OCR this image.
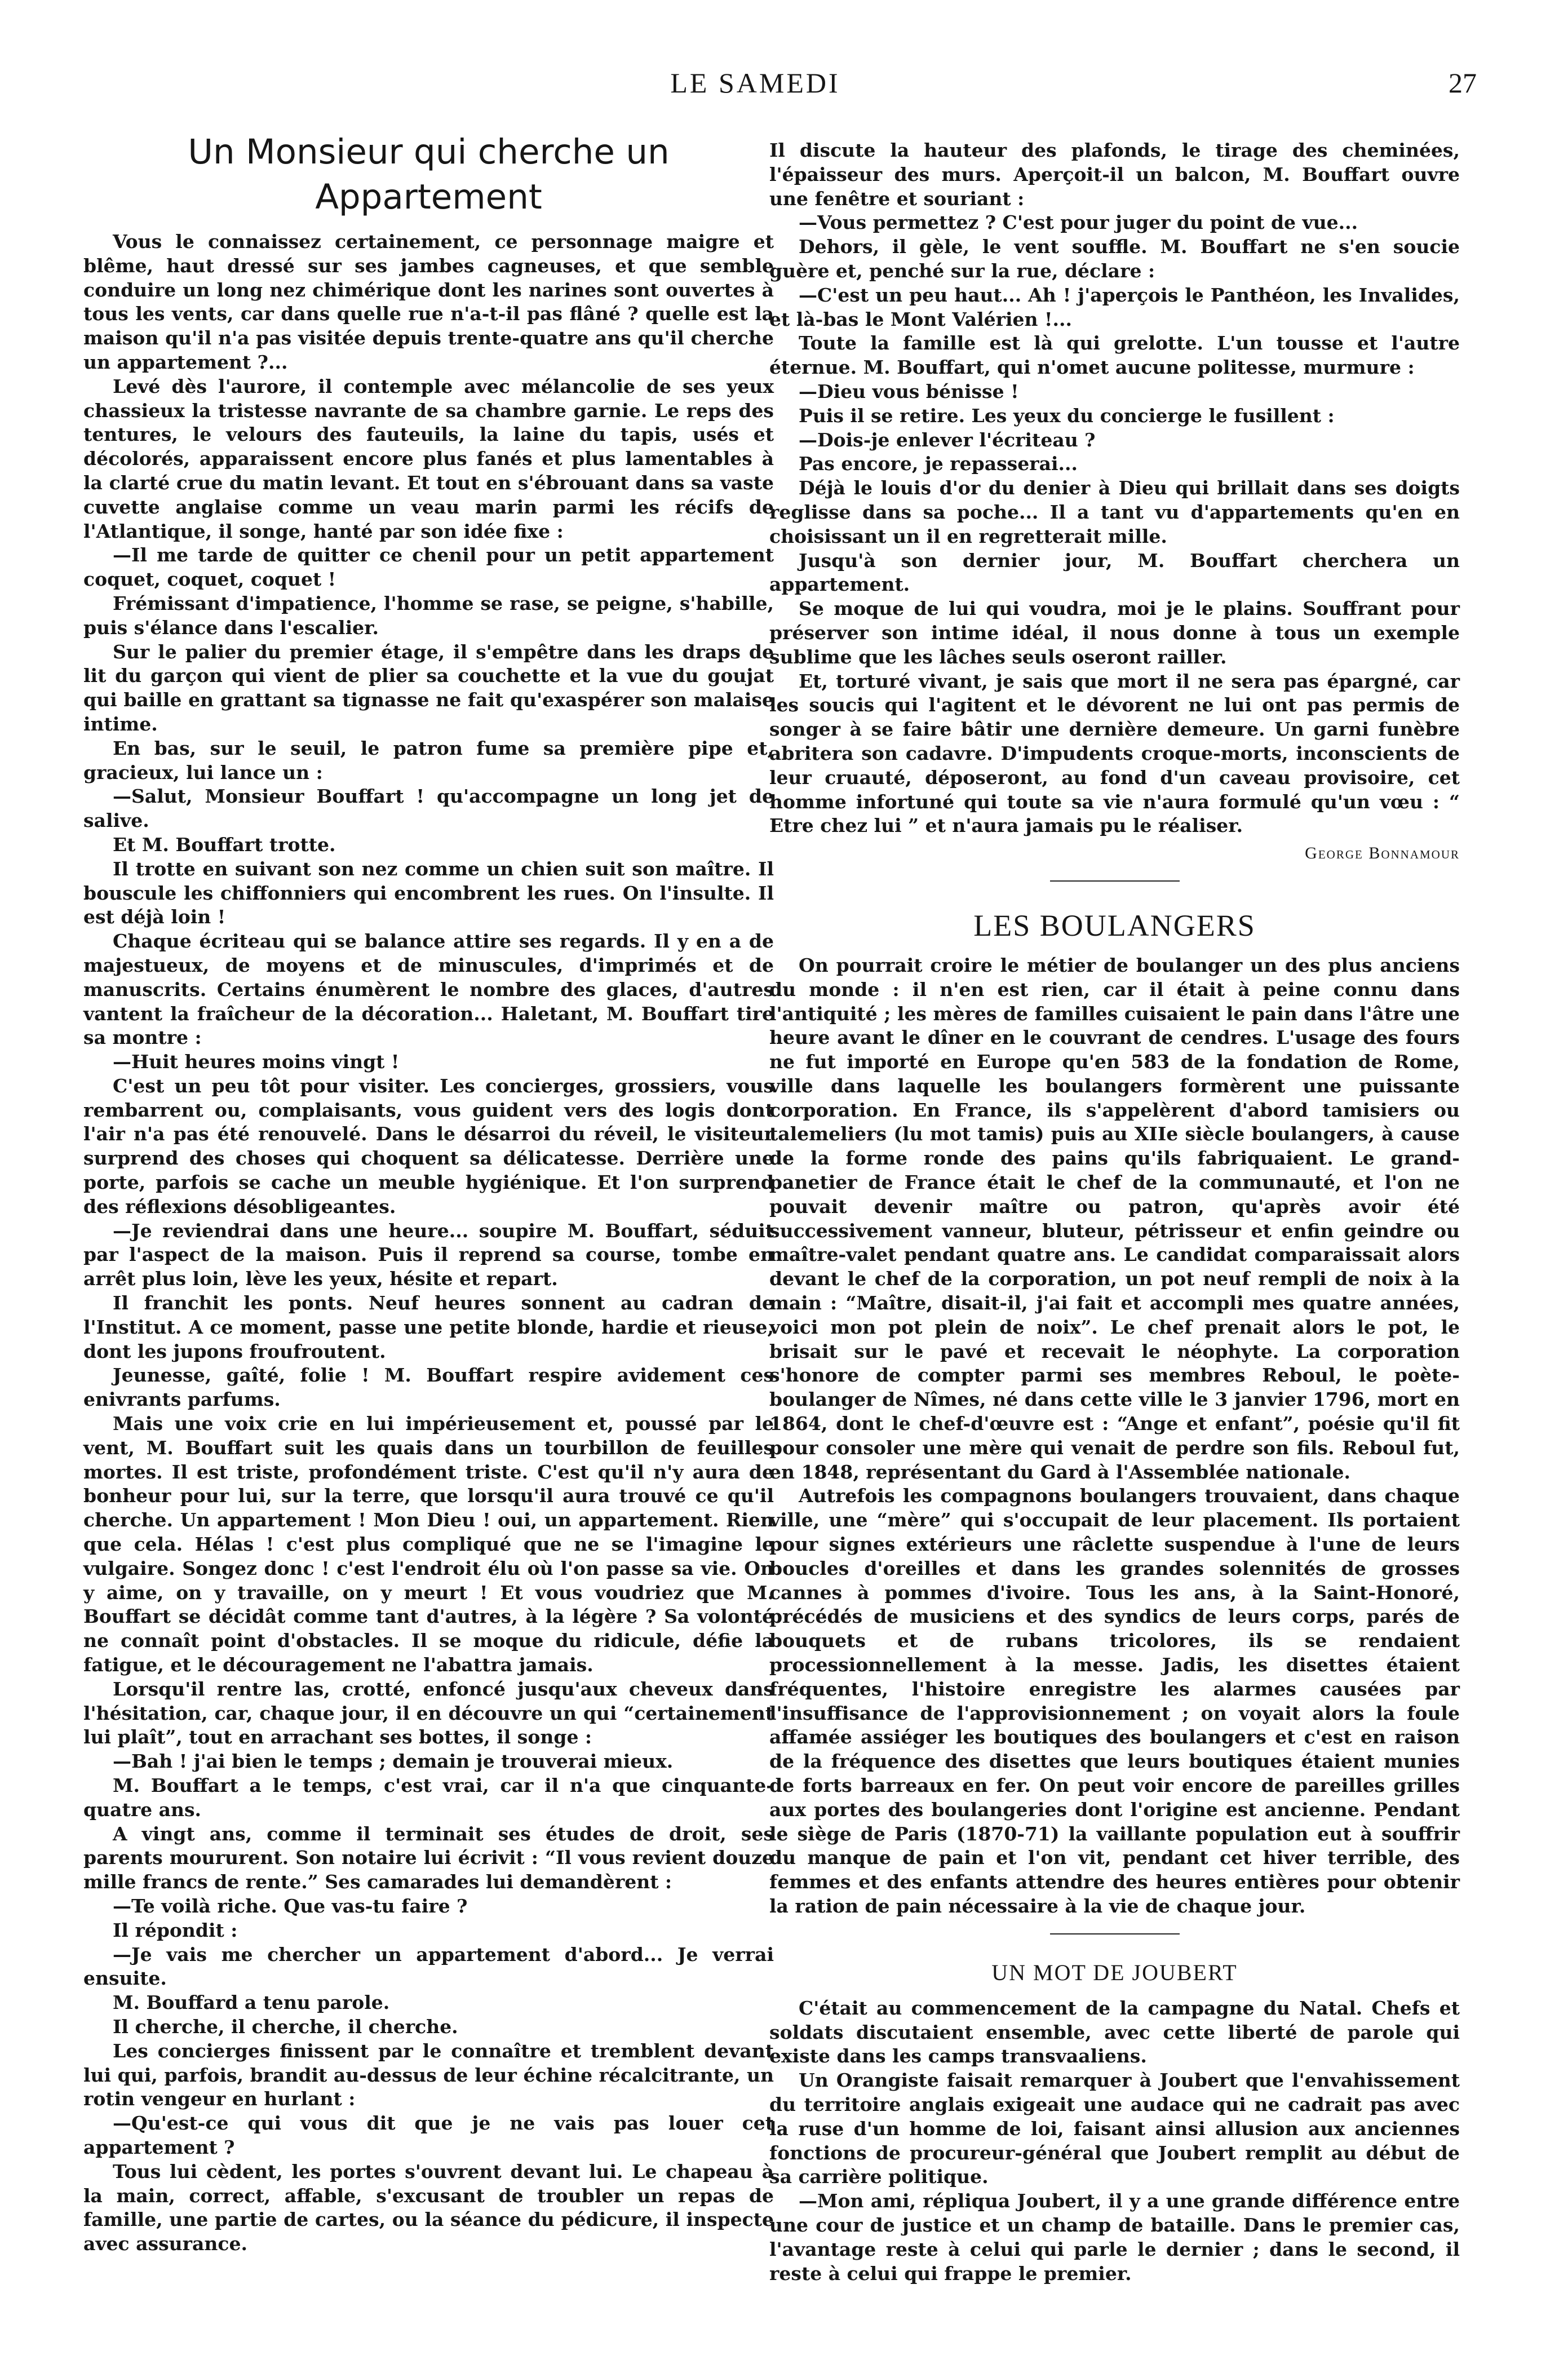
LE SAMEDI	27
Un Monsieur qui cherche un Appartement

Vous le connaissez certainement, ce personnage maigre et blême, haut dressé sur ses jambes cagneuses, et que semble conduire un long nez chimérique dont les narines sont ouvertes à tous les vents, car dans quelle rue n'a-t-il pas flâné ? quelle est la maison qu'il n'a pas visitée depuis trente-quatre ans qu'il cherche un appartement ?...

Levé dès l'aurore, il contemple avec mélancolie de ses yeux chassieux la tristesse navrante de sa chambre garnie. Le reps des tentures, le velours des fauteuils, la laine du tapis, usés et décolorés, apparaissent encore plus fanés et plus lamentables à la clarté crue du matin levant. Et tout en s'ébrouant dans sa vaste cuvette anglaise comme un veau marin parmi les récifs de l'Atlantique, il songe, hanté par son idée fixe :

—Il me tarde de quitter ce chenil pour un petit appartement coquet, coquet, coquet !

Frémissant d'impatience, l'homme se rase, se peigne, s'habille, puis s'élance dans l'escalier.

Sur le palier du premier étage, il s'empêtre dans les draps de lit du garçon qui vient de plier sa couchette et la vue du goujat qui baille en grattant sa tignasse ne fait qu'exaspérer son malaise intime.

En bas, sur le seuil, le patron fume sa première pipe et, gracieux, lui lance un :

—Salut, Monsieur Bouffart ! qu'accompagne un long jet de salive.

Et M. Bouffart trotte.

Il trotte en suivant son nez comme un chien suit son maître. Il bouscule les chiffonniers qui encombrent les rues. On l'insulte. Il est déjà loin !

Chaque écriteau qui se balance attire ses regards. Il y en a de majestueux, de moyens et de minuscules, d'imprimés et de manuscrits. Certains énumèrent le nombre des glaces, d'autres vantent la fraîcheur de la décoration... Haletant, M. Bouffart tire sa montre :

—Huit heures moins vingt !

C'est un peu tôt pour visiter. Les concierges, grossiers, vous rembarrent ou, complaisants, vous guident vers des logis dont l'air n'a pas été renouvelé. Dans le désarroi du réveil, le visiteur surprend des choses qui choquent sa délicatesse. Derrière une porte, parfois se cache un meuble hygiénique. Et l'on surprend des réflexions désobligeantes.

—Je reviendrai dans une heure... soupire M. Bouffart, séduit par l'aspect de la maison. Puis il reprend sa course, tombe en arrêt plus loin, lève les yeux, hésite et repart.

Il franchit les ponts. Neuf heures sonnent au cadran de l'Institut. A ce moment, passe une petite blonde, hardie et rieuse, dont les jupons froufroutent.

Jeunesse, gaîté, folie ! M. Bouffart respire avidement ces enivrants parfums.

Mais une voix crie en lui impérieusement et, poussé par le vent, M. Bouffart suit les quais dans un tourbillon de feuilles mortes. Il est triste, profondément triste. C'est qu'il n'y aura de bonheur pour lui, sur la terre, que lorsqu'il aura trouvé ce qu'il cherche. Un appartement ! Mon Dieu ! oui, un appartement. Rien que cela. Hélas ! c'est plus compliqué que ne se l'imagine le vulgaire. Songez donc ! c'est l'endroit élu où l'on passe sa vie. On y aime, on y travaille, on y meurt ! Et vous voudriez que M. Bouffart se décidât comme tant d'autres, à la légère ? Sa volonté ne connaît point d'obstacles. Il se moque du ridicule, défie la fatigue, et le découragement ne l'abattra jamais.

Lorsqu'il rentre las, crotté, enfoncé jusqu'aux cheveux dans l'hésitation, car, chaque jour, il en découvre un qui “certainement lui plaît”, tout en arrachant ses bottes, il songe :

—Bah ! j'ai bien le temps ; demain je trouverai mieux.

M. Bouffart a le temps, c'est vrai, car il n'a que cinquante-quatre ans.

A vingt ans, comme il terminait ses études de droit, ses parents moururent. Son notaire lui écrivit : “Il vous revient douze mille francs de rente.” Ses camarades lui demandèrent :

—Te voilà riche. Que vas-tu faire ?

Il répondit :

—Je vais me chercher un appartement d'abord... Je verrai ensuite.

M. Bouffard a tenu parole.

Il cherche, il cherche, il cherche.

Les concierges finissent par le connaître et tremblent devant lui qui, parfois, brandit au-dessus de leur échine récalcitrante, un rotin vengeur en hurlant :

—Qu'est-ce qui vous dit que je ne vais pas louer cet appartement ?

Tous lui cèdent, les portes s'ouvrent devant lui. Le chapeau à la main, correct, affable, s'excusant de troubler un repas de famille, une partie de cartes, ou la séance du pédicure, il inspecte avec assurance.

Il discute la hauteur des plafonds, le tirage des cheminées, l'épaisseur des murs. Aperçoit-il un balcon, M. Bouffart ouvre une fenêtre et souriant :

—Vous permettez ? C'est pour juger du point de vue...

Dehors, il gèle, le vent souffle. M. Bouffart ne s'en soucie guère et, penché sur la rue, déclare :

—C'est un peu haut... Ah ! j'aperçois le Panthéon, les Invalides, et là-bas le Mont Valérien !...

Toute la famille est là qui grelotte. L'un tousse et l'autre éternue. M. Bouffart, qui n'omet aucune politesse, murmure :

—Dieu vous bénisse !

Puis il se retire. Les yeux du concierge le fusillent :

—Dois-je enlever l'écriteau ?

Pas encore, je repasserai...

Déjà le louis d'or du denier à Dieu qui brillait dans ses doigts reglisse dans sa poche... Il a tant vu d'appartements qu'en en choisissant un il en regretterait mille.

Jusqu'à son dernier jour, M. Bouffart cherchera un appartement.

Se moque de lui qui voudra, moi je le plains. Souffrant pour préserver son intime idéal, il nous donne à tous un exemple sublime que les lâches seuls oseront railler.

Et, torturé vivant, je sais que mort il ne sera pas épargné, car les soucis qui l'agitent et le dévorent ne lui ont pas permis de songer à se faire bâtir une dernière demeure. Un garni funèbre abritera son cadavre. D'impudents croque-morts, inconscients de leur cruauté, déposeront, au fond d'un caveau provisoire, cet homme infortuné qui toute sa vie n'aura formulé qu'un vœu : “ Etre chez lui ” et n'aura jamais pu le réaliser.

George Bonnamour

LES BOULANGERS

On pourrait croire le métier de boulanger un des plus anciens du monde : il n'en est rien, car il était à peine connu dans l'antiquité ; les mères de familles cuisaient le pain dans l'âtre une heure avant le dîner en le couvrant de cendres. L'usage des fours ne fut importé en Europe qu'en 583 de la fondation de Rome, ville dans laquelle les boulangers formèrent une puissante corporation. En France, ils s'appelèrent d'abord tamisiers ou talemeliers (lu mot tamis) puis au XIIe siècle boulangers, à cause de la forme ronde des pains qu'ils fabriquaient. Le grand-panetier de France était le chef de la communauté, et l'on ne pouvait devenir maître ou patron, qu'après avoir été successivement vanneur, bluteur, pétrisseur et enfin geindre ou maître-valet pendant quatre ans. Le candidat comparaissait alors devant le chef de la corporation, un pot neuf rempli de noix à la main : “Maître, disait-il, j'ai fait et accompli mes quatre années, voici mon pot plein de noix”. Le chef prenait alors le pot, le brisait sur le pavé et recevait le néophyte. La corporation s'honore de compter parmi ses membres Reboul, le poète-boulanger de Nîmes, né dans cette ville le 3 janvier 1796, mort en 1864, dont le chef-d'œuvre est : “Ange et enfant”, poésie qu'il fit pour consoler une mère qui venait de perdre son fils. Reboul fut, en 1848, représentant du Gard à l'Assemblée nationale.

Autrefois les compagnons boulangers trouvaient, dans chaque ville, une “mère” qui s'occupait de leur placement. Ils portaient pour signes extérieurs une râclette suspendue à l'une de leurs boucles d'oreilles et dans les grandes solennités de grosses cannes à pommes d'ivoire. Tous les ans, à la Saint-Honoré, précédés de musiciens et des syndics de leurs corps, parés de bouquets et de rubans tricolores, ils se rendaient processionnellement à la messe. Jadis, les disettes étaient fréquentes, l'histoire enregistre les alarmes causées par l'insuffisance de l'approvisionnement ; on voyait alors la foule affamée assiéger les boutiques des boulangers et c'est en raison de la fréquence des disettes que leurs boutiques étaient munies de forts barreaux en fer. On peut voir encore de pareilles grilles aux portes des boulangeries dont l'origine est ancienne. Pendant le siège de Paris (1870-71) la vaillante population eut à souffrir du manque de pain et l'on vit, pendant cet hiver terrible, des femmes et des enfants attendre des heures entières pour obtenir la ration de pain nécessaire à la vie de chaque jour.

UN MOT DE JOUBERT

C'était au commencement de la campagne du Natal. Chefs et soldats discutaient ensemble, avec cette liberté de parole qui existe dans les camps transvaaliens.

Un Orangiste faisait remarquer à Joubert que l'envahissement du territoire anglais exigeait une audace qui ne cadrait pas avec la ruse d'un homme de loi, faisant ainsi allusion aux anciennes fonctions de procureur-général que Joubert remplit au début de sa carrière politique.

—Mon ami, répliqua Joubert, il y a une grande différence entre une cour de justice et un champ de bataille. Dans le premier cas, l'avantage reste à celui qui parle le dernier ; dans le second, il reste à celui qui frappe le premier.
